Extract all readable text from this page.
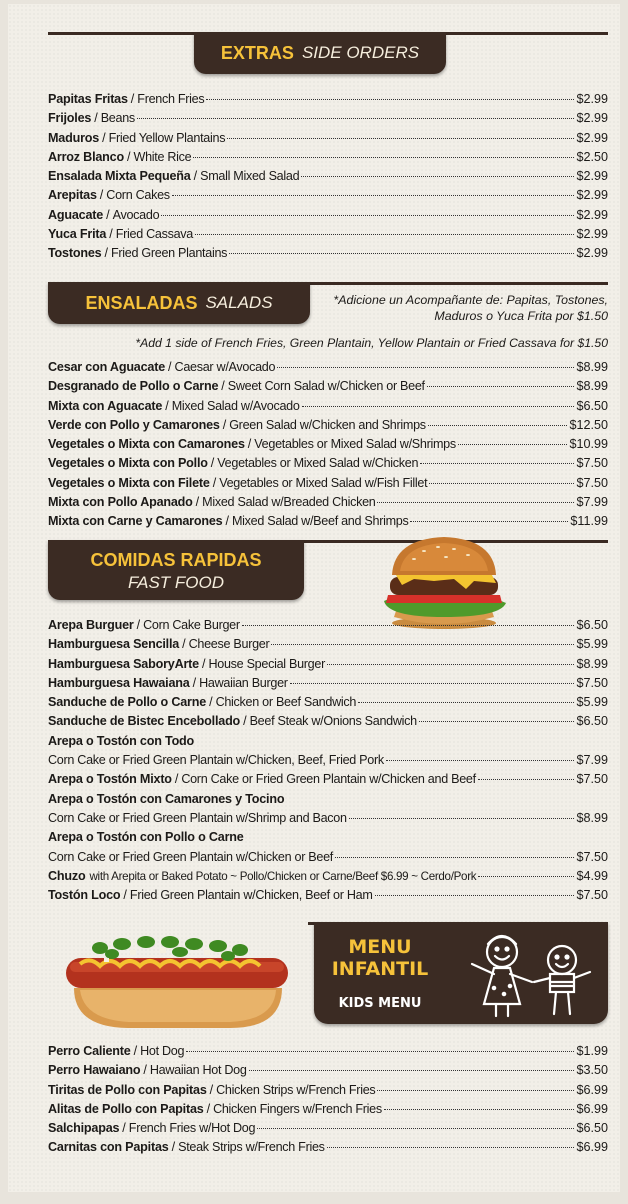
EXTRAS SIDE ORDERS
Papitas Fritas / French Fries	$2.99
Frijoles / Beans	$2.99
Maduros / Fried Yellow Plantains	$2.99
Arroz Blanco / White Rice	$2.50
Ensalada Mixta Pequeña / Small Mixed Salad	$2.99
Arepitas / Corn Cakes	$2.99
Aguacate / Avocado	$2.99
Yuca Frita / Fried Cassava	$2.99
Tostones / Fried Green Plantains	$2.99
ENSALADAS SALADS	*Adicione un Acompañante de: Papitas, Tostones, Maduros o Yuca Frita por $1.50
*Add 1 side of French Fries, Green Plantain, Yellow Plantain or Fried Cassava for $1.50
Cesar con Aguacate / Caesar w/Avocado	$8.99
Desgranado de Pollo o Carne / Sweet Corn Salad w/Chicken or Beef	$8.99
Mixta con Aguacate / Mixed Salad w/Avocado	$6.50
Verde con Pollo y Camarones / Green Salad w/Chicken and Shrimps	$12.50
Vegetales o Mixta con Camarones / Vegetables or Mixed Salad w/Shrimps	$10.99
Vegetales o Mixta con Pollo / Vegetables or Mixed Salad w/Chicken	$7.50
Vegetales o Mixta con Filete / Vegetables or Mixed Salad w/Fish Fillet	$7.50
Mixta con Pollo Apanado / Mixed Salad w/Breaded Chicken	$7.99
Mixta con Carne y Camarones / Mixed Salad w/Beef and Shrimps	$11.99
COMIDAS RAPIDAS
FAST FOOD
Arepa Burguer / Corn Cake Burger	$6.50
Hamburguesa Sencilla / Cheese Burger	$5.99
Hamburguesa SaboryArte / House Special Burger	$8.99
Hamburguesa Hawaiana / Hawaiian Burger	$7.50
Sanduche de Pollo o Carne / Chicken or Beef Sandwich	$5.99
Sanduche de Bistec Encebollado / Beef Steak w/Onions Sandwich	$6.50
Arepa o Tostón con Todo
Corn Cake or Fried Green Plantain w/Chicken, Beef, Fried Pork	$7.99
Arepa o Tostón Mixto / Corn Cake or Fried Green Plantain w/Chicken and Beef	$7.50
Arepa o Tostón con Camarones y Tocino
Corn Cake or Fried Green Plantain w/Shrimp and Bacon	$8.99
Arepa o Tostón con Pollo o Carne
Corn Cake or Fried Green Plantain w/Chicken or Beef	$7.50
Chuzo with Arepita or Baked Potato ~ Pollo/Chicken or Carne/Beef $6.99 ~ Cerdo/Pork	$4.99
Tostón Loco / Fried Green Plantain w/Chicken, Beef or Ham	$7.50
MENU INFANTIL
KIDS MENU
Perro Caliente / Hot Dog	$1.99
Perro Hawaiano / Hawaiian Hot Dog	$3.50
Tiritas de Pollo con Papitas / Chicken Strips w/French Fries	$6.99
Alitas de Pollo con Papitas / Chicken Fingers w/French Fries	$6.99
Salchipapas / French Fries w/Hot Dog	$6.50
Carnitas con Papitas / Steak Strips w/French Fries	$6.99
